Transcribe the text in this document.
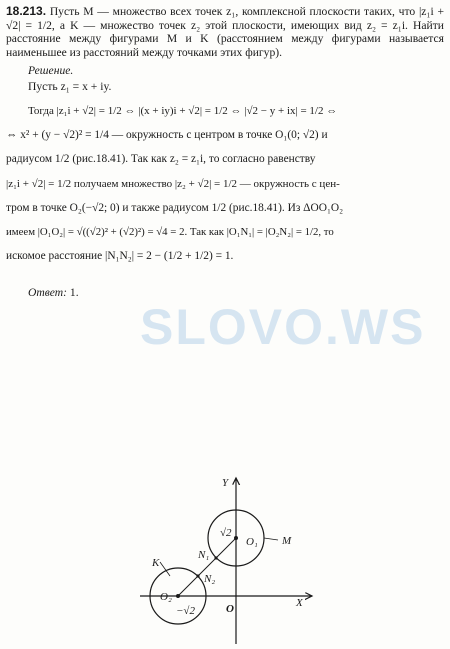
18.213. Пусть M — множество всех точек z₁, комплексной плоскости таких, что |z₁i + √2| = 1/2, а K — множество точек z₂ этой плоскости, имеющих вид z₂ = z₁i. Найти расстояние между фигурами M и K (расстоянием между фигурами называется наименьшее из расстояний между точками этих фигур).

Решение.

Пусть z₁ = x + iy.

Тогда |z₁i + √2| = 1/2 ⇔ |(x + iy)i + √2| = 1/2 ⇔ |√2 − y + ix| = 1/2 ⇔

⇔ x² + (y − √2)² = 1/4 — окружность с центром в точке O₁(0; √2) и

радиусом 1/2 (рис.18.41). Так как z₂ = z₁i, то согласно равенству

|z₁i + √2| = 1/2 получаем множество |z₂ + √2| = 1/2 — окружность с цен-

тром в точке O₂(−√2; 0) и также радиусом 1/2 (рис.18.41). Из ΔOO₁O₂

имеем |O₁O₂| = √((√2)² + (√2)²) = √4 = 2. Так как |O₁N₁| = |O₂N₂| = 1/2, то

искомое расстояние |N₁N₂| = 2 − (1/2 + 1/2) = 1.

Ответ: 1.

SLOVO.WS
Y
X
O
O₁
O₂
N₁
N₂
M
K
√2
−√2
